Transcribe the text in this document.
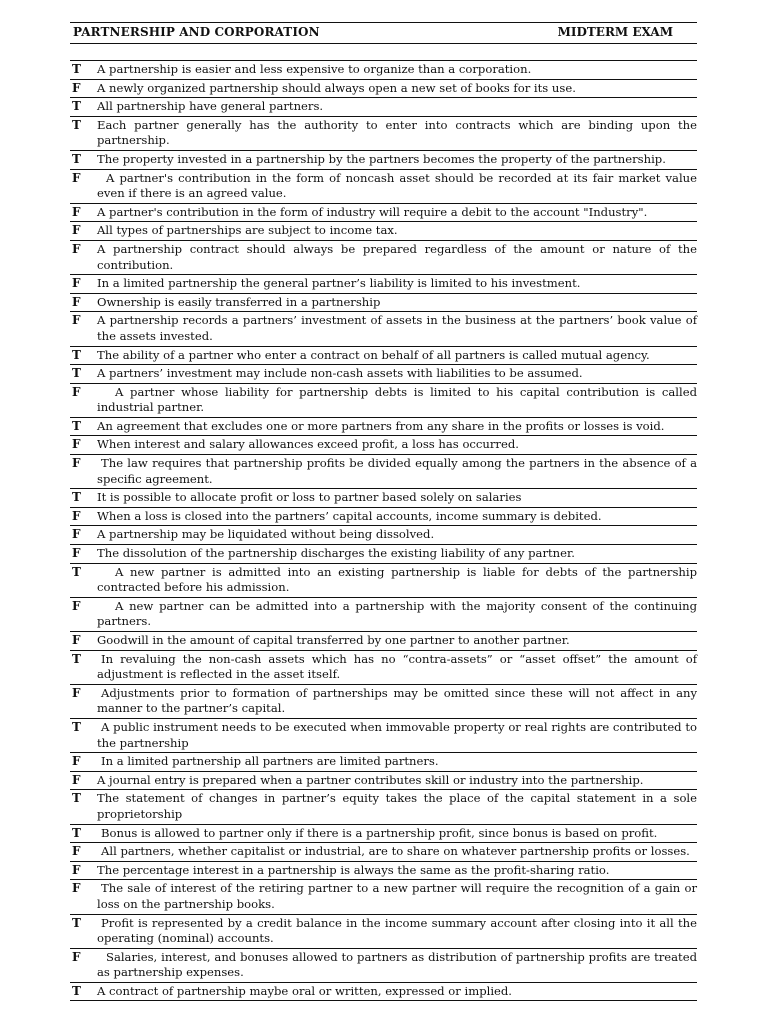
PARTNERSHIP AND CORPORATION	MIDTERM EXAM
T	A partnership is easier and less expensive to organize than a corporation.
F	A newly organized partnership should always open a new set of books for its use.
T	All partnership have general partners.
T	Each partner generally has the authority to enter into contracts which are binding upon the partnership.
T	The property invested in a partnership by the partners becomes the property of the partnership.
F	A partner's contribution in the form of noncash asset should be recorded at its fair market value even if there is an agreed value.
F	A partner's contribution in the form of industry will require a debit to the account "Industry".
F	All types of partnerships are subject to income tax.
F	A partnership contract should always be prepared regardless of the amount or nature of the contribution.
F	In a limited partnership the general partner’s liability is limited to his investment.
F	Ownership is easily transferred in a partnership
F	A partnership records a partners’ investment of assets in the business at the partners’ book value of the assets invested.
T	The ability of a partner who enter a contract on behalf of all partners is called mutual agency.
T	A partners’ investment may include non-cash assets with liabilities to be assumed.
F	A partner whose liability for partnership debts is limited to his capital contribution is called industrial partner.
T	An agreement that excludes one or more partners from any share in the profits or losses is void.
F	When interest and salary allowances exceed profit, a loss has occurred.
F	The law requires that partnership profits be divided equally among the partners in the absence of a specific agreement.
T	It is possible to allocate profit or loss to partner based solely on salaries
F	When a loss is closed into the partners’ capital accounts, income summary is debited.
F	A partnership may be liquidated without being dissolved.
F	The dissolution of the partnership discharges the existing liability of any partner.
T	A new partner is admitted into an existing partnership is liable for debts of the partnership contracted before his admission.
F	A new partner can be admitted into a partnership with the majority consent of the continuing partners.
F	Goodwill in the amount of capital transferred by one partner to another partner.
T	In revaluing the non-cash assets which has no “contra-assets” or “asset offset” the amount of adjustment is reflected in the asset itself.
F	Adjustments prior to formation of partnerships may be omitted since these will not affect in any manner to the partner’s capital.
T	A public instrument needs to be executed when immovable property or real rights are contributed to the partnership
F	In a limited partnership all partners are limited partners.
F	A journal entry is prepared when a partner contributes skill or industry into the partnership.
T	The statement of changes in partner’s equity takes the place of the capital statement in a sole proprietorship
T	Bonus is allowed to partner only if there is a partnership profit, since bonus is based on profit.
F	All partners, whether capitalist or industrial, are to share on whatever partnership profits or losses.
F	The percentage interest in a partnership is always the same as the profit-sharing ratio.
F	The sale of interest of the retiring partner to a new partner will require the recognition of a gain or loss on the partnership books.
T	Profit is represented by a credit balance in the income summary account after closing into it all the operating (nominal) accounts.
F	Salaries, interest, and bonuses allowed to partners as distribution of partnership profits are treated as partnership expenses.
T	A contract of partnership maybe oral or written, expressed or implied.
